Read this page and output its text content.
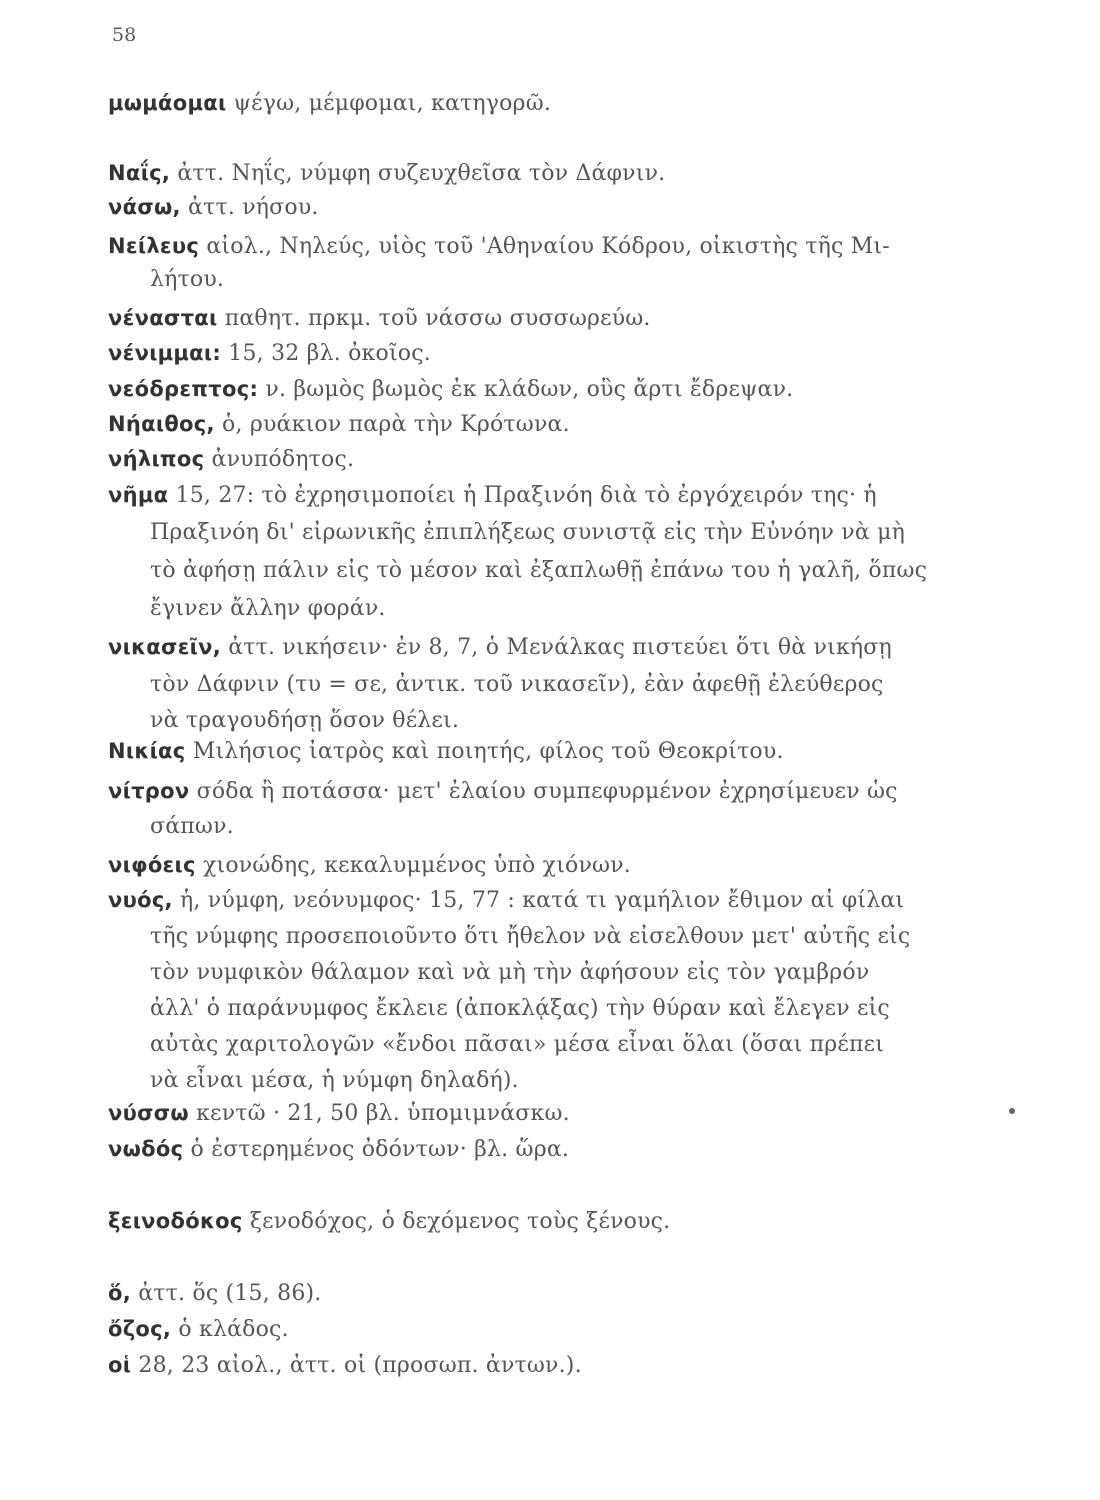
58
μωμάομαι ψέγω, μέμφομαι, κατηγορῶ.
Ναΐς, ἀττ. Νηΐς, νύμφη συζευχθεῖσα τὸν Δάφνιν.
νάσω, ἀττ. νήσου.
Νείλευς αἰολ., Νηλεύς, υἱὸς τοῦ 'Αθηναίου Κόδρου, οἰκιστὴς τῆς Μι-
λήτου.
νένασται παθητ. πρκμ. τοῦ νάσσω συσσωρεύω.
νένιμμαι: 15, 32 βλ. ὀκοῖος.
νεόδρεπτος: ν. βωμὸς βωμὸς ἐκ κλάδων, οὓς ἄρτι ἔδρεψαν.
Νήαιθος, ὁ, ρυάκιον παρὰ τὴν Κρότωνα.
νήλιπος ἀνυπόδητος.
νῆμα 15, 27: τὸ ἐχρησιμοποίει ἡ Πραξινόη διὰ τὸ ἐργόχειρόν της· ἡ
Πραξινόη δι' εἰρωνικῆς ἐπιπλήξεως συνιστᾷ εἰς τὴν Εὐνόην νὰ μὴ
τὸ ἀφήσῃ πάλιν εἰς τὸ μέσον καὶ ἐξαπλωθῇ ἐπάνω του ἡ γαλῆ, ὅπως
ἔγινεν ἄλλην φοράν.
νικασεῖν, ἀττ. νικήσειν· ἐν 8, 7, ὁ Μενάλκας πιστεύει ὅτι θὰ νικήσῃ
τὸν Δάφνιν (τυ = σε, ἀντικ. τοῦ νικασεῖν), ἐὰν ἀφεθῇ ἐλεύθερος
νὰ τραγουδήσῃ ὅσον θέλει.
Νικίας Μιλήσιος ἰατρὸς καὶ ποιητής, φίλος τοῦ Θεοκρίτου.
νίτρον σόδα ἢ ποτάσσα· μετ' ἐλαίου συμπεφυρμένον ἐχρησίμευεν ὡς
σάπων.
νιφόεις χιονώδης, κεκαλυμμένος ὑπὸ χιόνων.
νυός, ἡ, νύμφη, νεόνυμφος· 15, 77 : κατά τι γαμήλιον ἔθιμον αἱ φίλαι
τῆς νύμφης προσεποιοῦντο ὅτι ἤθελον νὰ εἰσελθουν μετ' αὐτῆς εἰς
τὸν νυμφικὸν θάλαμον καὶ νὰ μὴ τὴν ἀφήσουν εἰς τὸν γαμβρόν
ἀλλ' ὁ παράνυμφος ἔκλειε (ἀποκλᾴξας) τὴν θύραν καὶ ἔλεγεν εἰς
αὐτὰς χαριτολογῶν «ἔνδοι πᾶσαι» μέσα εἶναι ὅλαι (ὅσαι πρέπει
νὰ εἶναι μέσα, ἡ νύμφη δηλαδή).
νύσσω κεντῶ · 21, 50 βλ. ὑπομιμνάσκω.
νωδός ὁ ἐστερημένος ὀδόντων· βλ. ὥρα.
ξεινοδόκος ξενοδόχος, ὁ δεχόμενος τοὺς ξένους.
ὅ, ἀττ. ὅς (15, 86).
ὄζος, ὁ κλάδος.
οἱ 28, 23 αἰολ., ἀττ. οἱ (προσωπ. ἀντων.).
